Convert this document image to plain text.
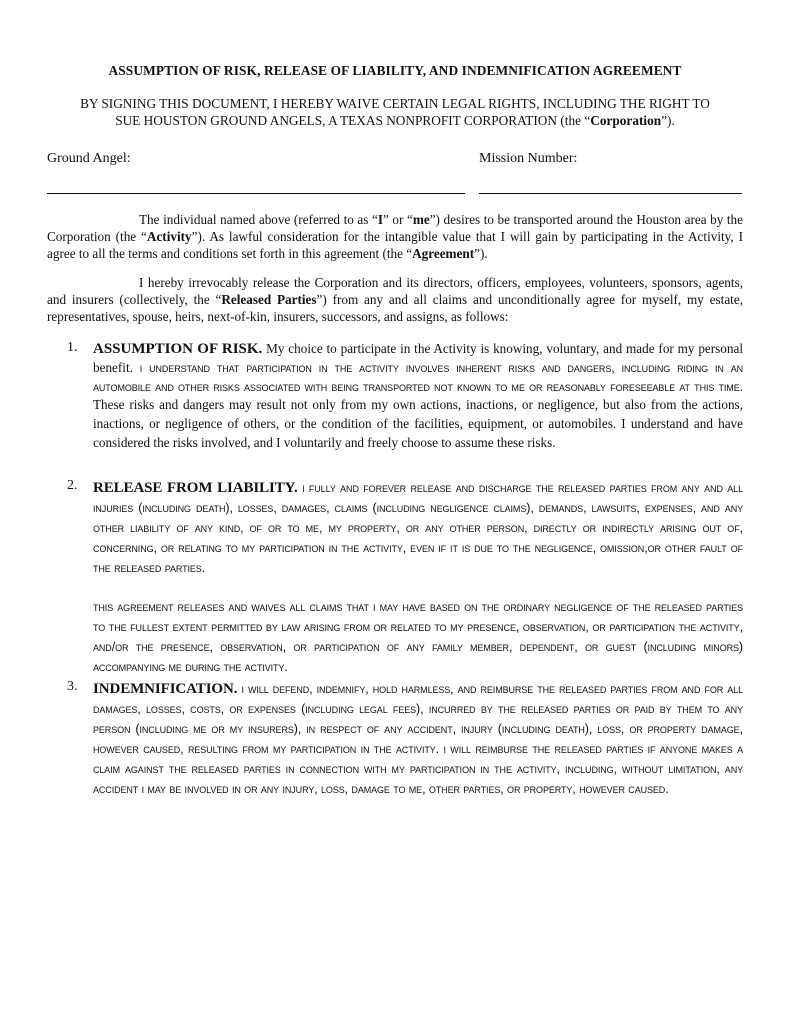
ASSUMPTION OF RISK, RELEASE OF LIABILITY, AND INDEMNIFICATION AGREEMENT
BY SIGNING THIS DOCUMENT, I HEREBY WAIVE CERTAIN LEGAL RIGHTS, INCLUDING THE RIGHT TO
SUE HOUSTON GROUND ANGELS, A TEXAS NONPROFIT CORPORATION (the “Corporation”).
Ground Angel:	Mission Number:
The individual named above (referred to as “I” or “me”) desires to be transported around the Houston area by the Corporation (the “Activity”). As lawful consideration for the intangible value that I will gain by participating in the Activity, I agree to all the terms and conditions set forth in this agreement (the “Agreement”).
I hereby irrevocably release the Corporation and its directors, officers, employees, volunteers, sponsors, agents, and insurers (collectively, the “Released Parties”) from any and all claims and unconditionally agree for myself, my estate, representatives, spouse, heirs, next-of-kin, insurers, successors, and assigns, as follows:
1. ASSUMPTION OF RISK. My choice to participate in the Activity is knowing, voluntary, and made for my personal benefit. i understand that participation in the activity involves inherent risks and dangers, including riding in an automobile and other risks associated with being transported not known to me or reasonably foreseeable at this time. These risks and dangers may result not only from my own actions, inactions, or negligence, but also from the actions, inactions, or negligence of others, or the condition of the facilities, equipment, or automobiles. I understand and have considered the risks involved, and I voluntarily and freely choose to assume these risks.
2. RELEASE FROM LIABILITY. i fully and forever release and discharge the released parties from any and all injuries (including death), losses, damages, claims (including negligence claims), demands, lawsuits, expenses, and any other liability of any kind, of or to me, my property, or any other person, directly or indirectly arising out of, concerning, or relating to my participation in the activity, even if it is due to the negligence, omission,or other fault of the released parties.
this agreement releases and waives all claims that i may have based on the ordinary negligence of the released parties to the fullest extent permitted by law arising from or related to my presence, observation, or participation the activity, and/or the presence, observation, or participation of any family member, dependent, or guest (including minors) accompanying me during the activity.
3. INDEMNIFICATION. i will defend, indemnify, hold harmless, and reimburse the released parties from and for all damages, losses, costs, or expenses (including legal fees), incurred by the released parties or paid by them to any person (including me or my insurers), in respect of any accident, injury (including death), loss, or property damage, however caused, resulting from my participation in the activity. i will reimburse the released parties if anyone makes a claim against the released parties in connection with my participation in the activity, including, without limitation, any accident i may be involved in or any injury, loss, damage to me, other parties, or property, however caused.
